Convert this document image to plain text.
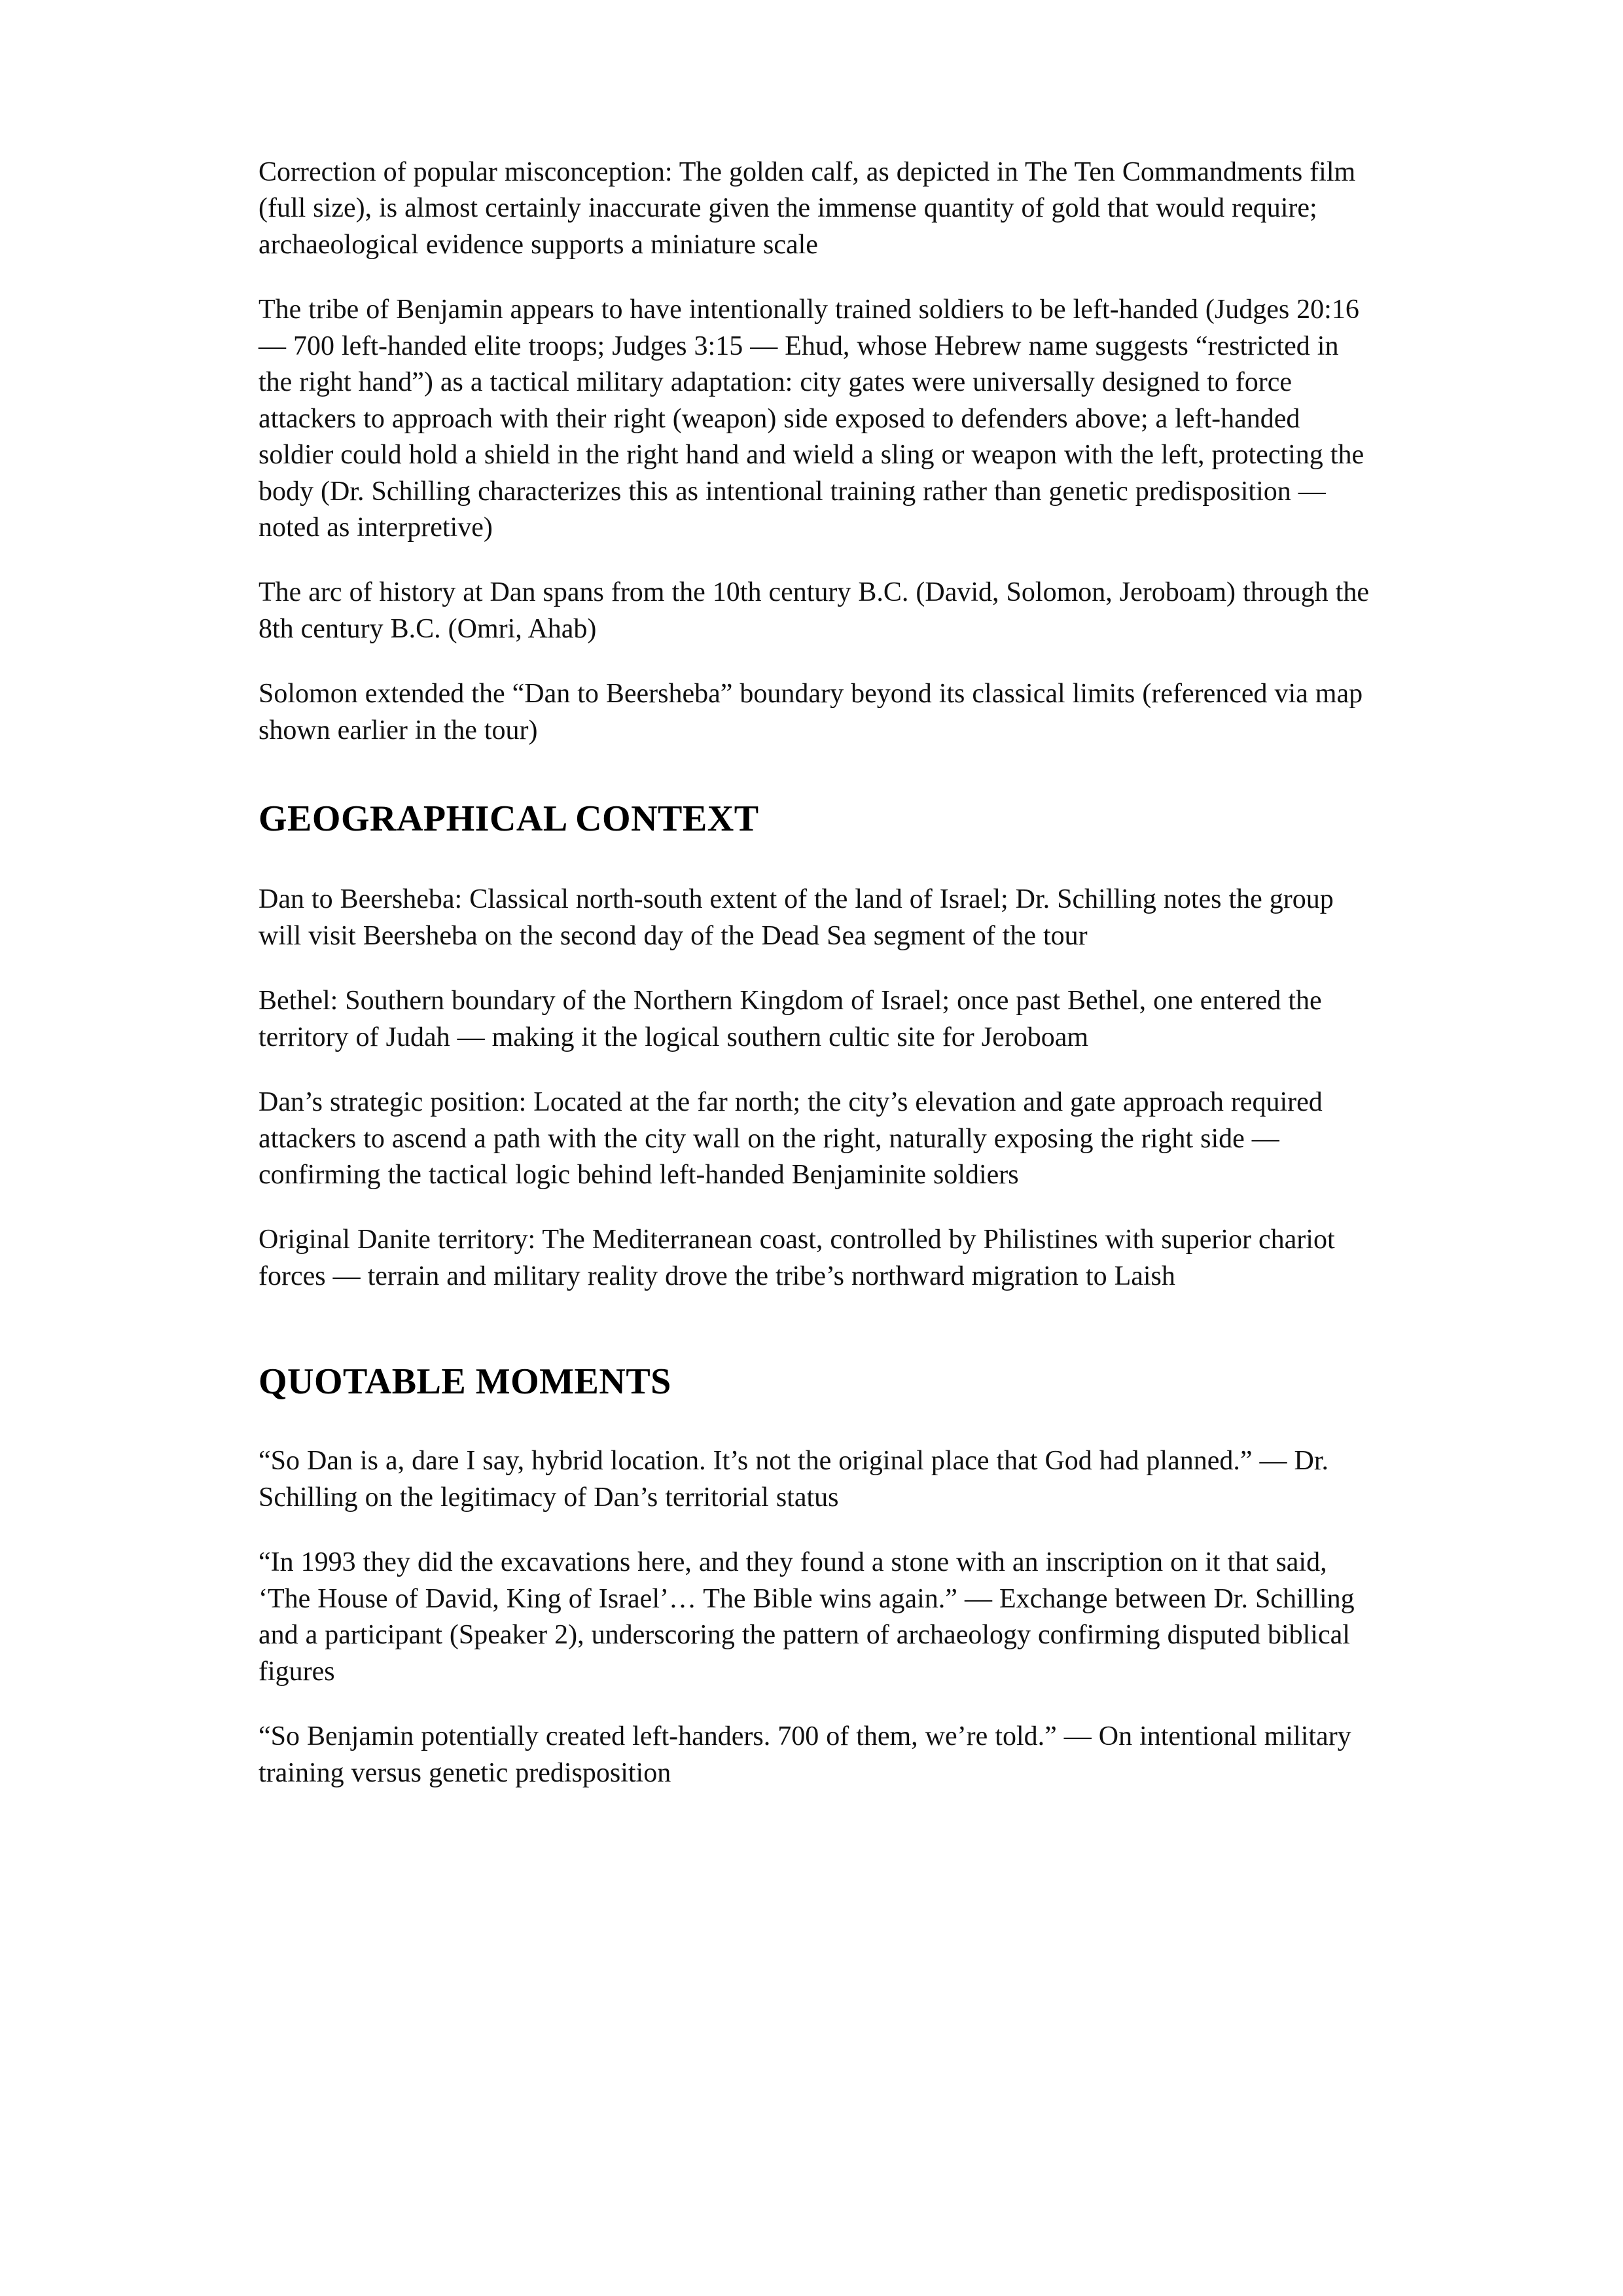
Correction of popular misconception: The golden calf, as depicted in The Ten Commandments film (full size), is almost certainly inaccurate given the immense quantity of gold that would require; archaeological evidence supports a miniature scale

The tribe of Benjamin appears to have intentionally trained soldiers to be left-handed (Judges 20:16 — 700 left-handed elite troops; Judges 3:15 — Ehud, whose Hebrew name suggests “restricted in the right hand”) as a tactical military adaptation: city gates were universally designed to force attackers to approach with their right (weapon) side exposed to defenders above; a left-handed soldier could hold a shield in the right hand and wield a sling or weapon with the left, protecting the body (Dr. Schilling characterizes this as intentional training rather than genetic predisposition — noted as interpretive)

The arc of history at Dan spans from the 10th century B.C. (David, Solomon, Jeroboam) through the 8th century B.C. (Omri, Ahab)

Solomon extended the “Dan to Beersheba” boundary beyond its classical limits (referenced via map shown earlier in the tour)

GEOGRAPHICAL CONTEXT

Dan to Beersheba: Classical north-south extent of the land of Israel; Dr. Schilling notes the group will visit Beersheba on the second day of the Dead Sea segment of the tour

Bethel: Southern boundary of the Northern Kingdom of Israel; once past Bethel, one entered the territory of Judah — making it the logical southern cultic site for Jeroboam

Dan’s strategic position: Located at the far north; the city’s elevation and gate approach required attackers to ascend a path with the city wall on the right, naturally exposing the right side — confirming the tactical logic behind left-handed Benjaminite soldiers

Original Danite territory: The Mediterranean coast, controlled by Philistines with superior chariot forces — terrain and military reality drove the tribe’s northward migration to Laish

QUOTABLE MOMENTS

“So Dan is a, dare I say, hybrid location. It’s not the original place that God had planned.” — Dr. Schilling on the legitimacy of Dan’s territorial status

“In 1993 they did the excavations here, and they found a stone with an inscription on it that said, ‘The House of David, King of Israel’… The Bible wins again.” — Exchange between Dr. Schilling and a participant (Speaker 2), underscoring the pattern of archaeology confirming disputed biblical figures

“So Benjamin potentially created left-handers. 700 of them, we’re told.” — On intentional military training versus genetic predisposition
